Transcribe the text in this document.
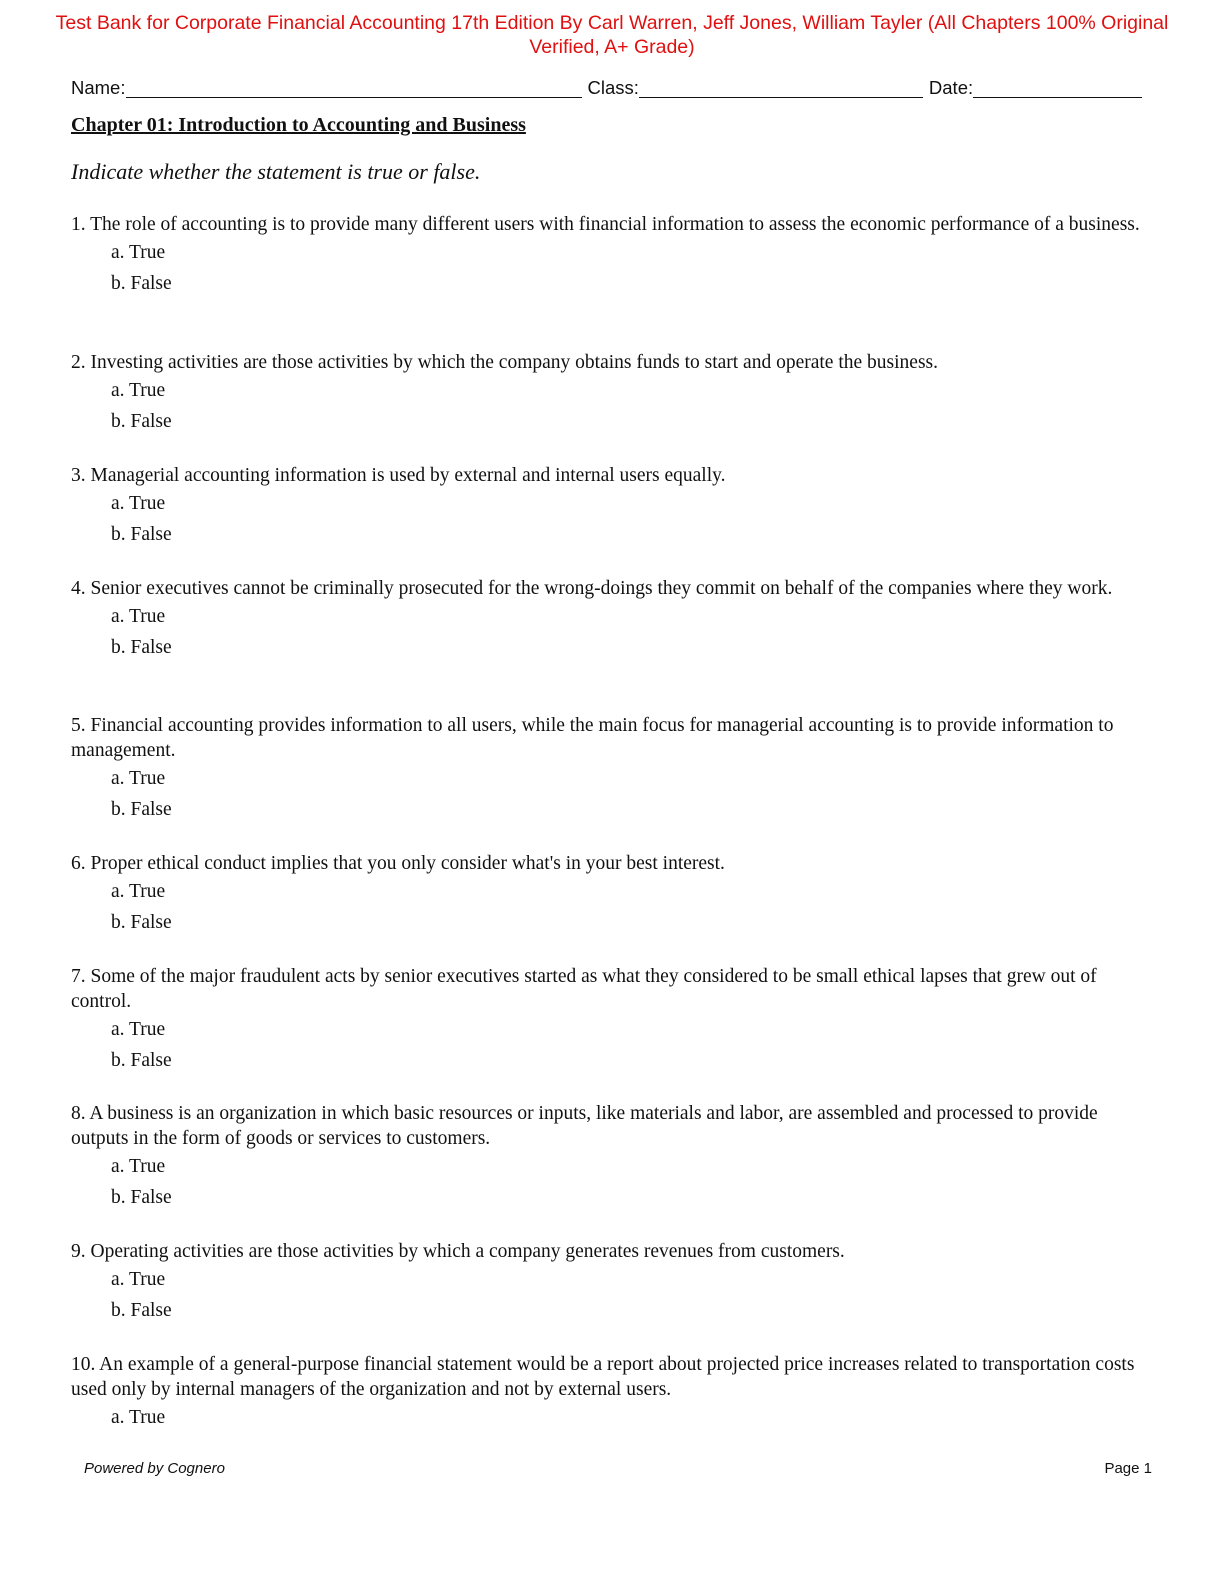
Test Bank for Corporate Financial Accounting 17th Edition By Carl Warren, Jeff Jones, William Tayler (All Chapters 100% Original
Verified, A+ Grade)
Name:	Class:	Date:
Chapter 01: Introduction to Accounting and Business
Indicate whether the statement is true or false.

1. The role of accounting is to provide many different users with financial information to assess the economic performance of a business.

a. True
b. False

2. Investing activities are those activities by which the company obtains funds to start and operate the business.

a. True
b. False

3. Managerial accounting information is used by external and internal users equally.

a. True
b. False

4. Senior executives cannot be criminally prosecuted for the wrong-doings they commit on behalf of the companies where they work.

a. True
b. False

5. Financial accounting provides information to all users, while the main focus for managerial accounting is to provide information to management.

a. True
b. False

6. Proper ethical conduct implies that you only consider what's in your best interest.

a. True
b. False

7. Some of the major fraudulent acts by senior executives started as what they considered to be small ethical lapses that grew out of control.

a. True
b. False

8. A business is an organization in which basic resources or inputs, like materials and labor, are assembled and processed to provide outputs in the form of goods or services to customers.

a. True
b. False

9. Operating activities are those activities by which a company generates revenues from customers.

a. True
b. False

10. An example of a general-purpose financial statement would be a report about projected price increases related to transportation costs used only by internal managers of the organization and not by external users.

a. True
Powered by Cognero	Page 1
